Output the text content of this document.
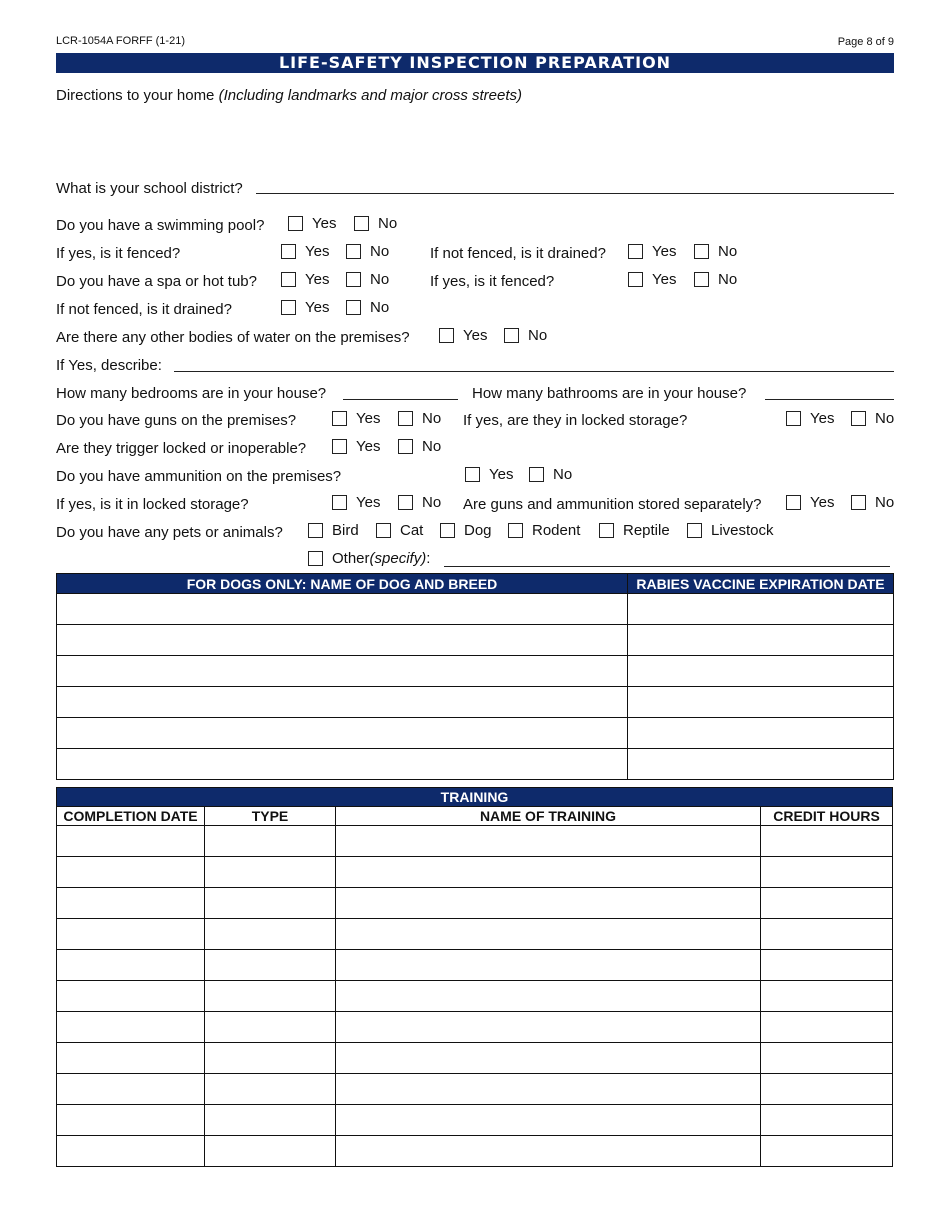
LCR-1054A FORFF (1-21)	Page 8 of 9
LIFE-SAFETY INSPECTION PREPARATION
Directions to your home (Including landmarks and major cross streets)
What is your school district?
Do you have a swimming pool?	Yes	No
If yes, is it fenced?	Yes	No	If not fenced, is it drained?	Yes	No
Do you have a spa or hot tub?	Yes	No	If yes, is it fenced?	Yes	No
If not fenced, is it drained?	Yes	No
Are there any other bodies of water on the premises?	Yes	No
If Yes, describe:
How many bedrooms are in your house?	How many bathrooms are in your house?
Do you have guns on the premises?	Yes	No If yes, are they in locked storage?	Yes	No
Are they trigger locked or inoperable?	Yes	No
Do you have ammunition on the premises?	Yes	No
If yes, is it in locked storage?	Yes	No Are guns and ammunition stored separately?	Yes	No
Do you have any pets or animals?	Bird	Cat	Dog	Rodent	Reptile	Livestock
Other (specify) :
FOR DOGS ONLY: NAME OF DOG AND BREED	RABIES VACCINE EXPIRATION DATE

TRAINING			
COMPLETION DATE	TYPE	NAME OF TRAINING	CREDIT HOURS
